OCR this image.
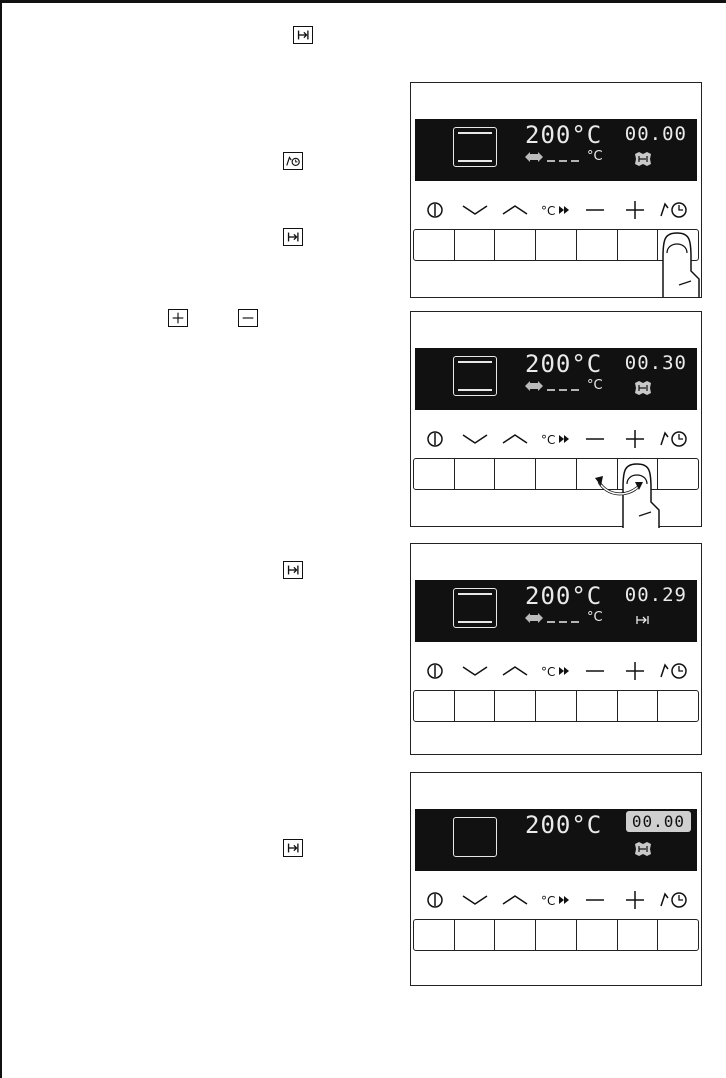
200°C
°C
00.00
°C
200°C
°C
00.30
°C
200°C
°C
00.29
°C
200°C	00.00
°C
